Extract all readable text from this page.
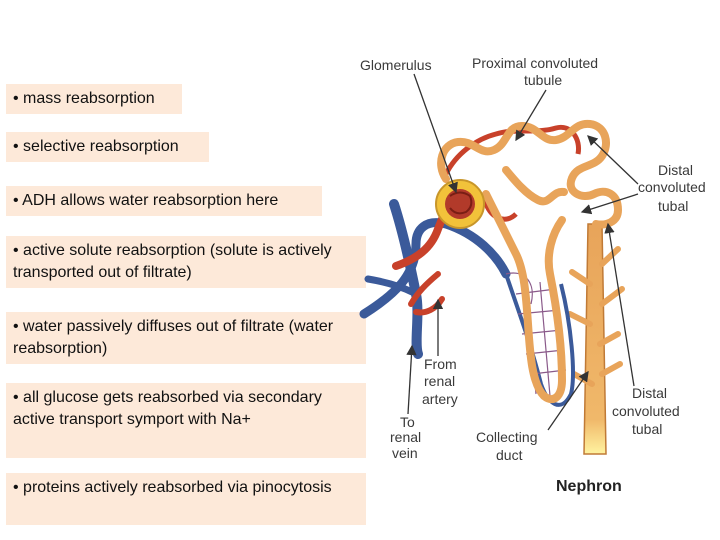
• mass reabsorption
• selective reabsorption
• ADH allows water reabsorption here
• active solute reabsorption (solute is actively transported out of filtrate)
• water passively diffuses out of filtrate (water reabsorption)
• all glucose gets reabsorbed via secondary active transport symport with Na+
• proteins actively reabsorbed via pinocytosis
Glomerulus	Proximal convoluted
tubule
Distal
convoluted
tubal
From
renal
artery
To
renal
vein
Collecting
duct
Distal
convoluted
tubal
Nephron
